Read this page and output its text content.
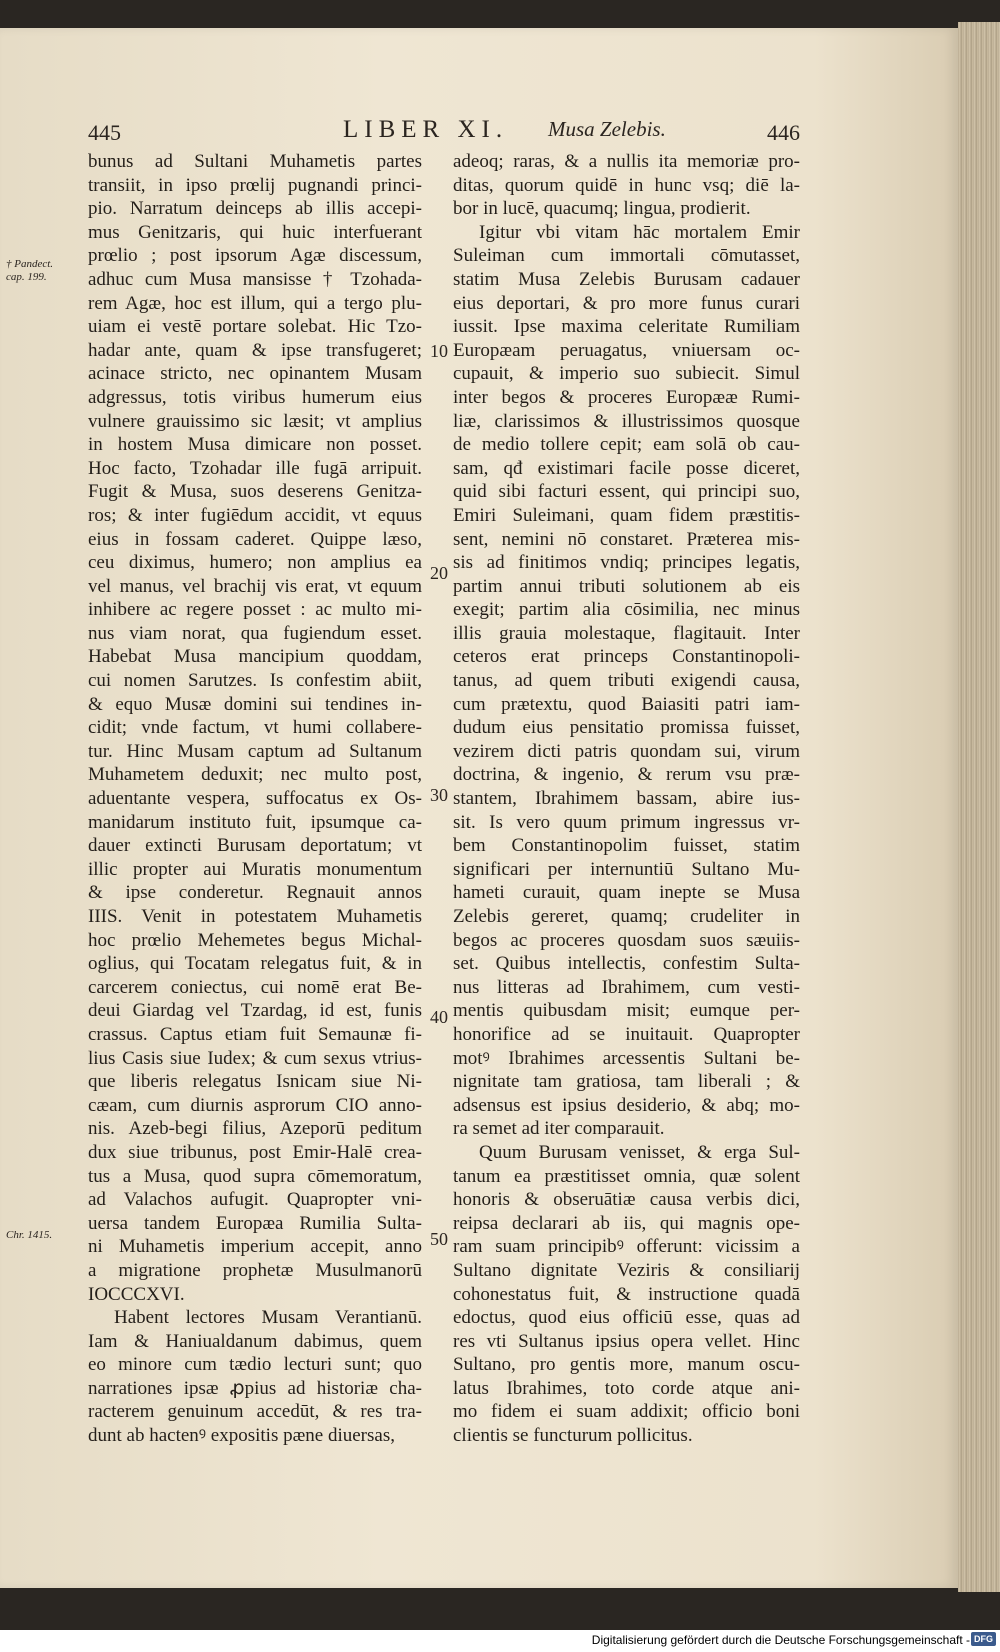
445	LIBER XI. Musa Zelebis.	446
† Pandect. cap. 199.
Chr. 1415.
10
20
30
40
50
bunus ad Sultani Muhametis partes
transiit, in ipso prœlij pugnandi princi-
pio. Narratum deinceps ab illis accepi-
mus Genitzaris, qui huic interfuerant
prœlio ; post ipsorum Agæ discessum,
adhuc cum Musa mansisse † Tzohada-
rem Agæ, hoc est illum, qui a tergo plu-
uiam ei vestē portare solebat. Hic Tzo-
hadar ante, quam & ipse transfugeret;
acinace stricto, nec opinantem Musam
adgressus, totis viribus humerum eius
vulnere grauissimo sic læsit; vt amplius
in hostem Musa dimicare non posset.
Hoc facto, Tzohadar ille fugā arripuit.
Fugit & Musa, suos deserens Genitza-
ros; & inter fugiēdum accidit, vt equus
eius in fossam caderet. Quippe læso,
ceu diximus, humero; non amplius ea
vel manus, vel brachij vis erat, vt equum
inhibere ac regere posset : ac multo mi-
nus viam norat, qua fugiendum esset.
Habebat Musa mancipium quoddam,
cui nomen Sarutzes. Is confestim abiit,
& equo Musæ domini sui tendines in-
cidit; vnde factum, vt humi collabere-
tur. Hinc Musam captum ad Sultanum
Muhametem deduxit; nec multo post,
aduentante vespera, suffocatus ex Os-
manidarum instituto fuit, ipsumque ca-
dauer extincti Burusam deportatum; vt
illic propter aui Muratis monumentum
& ipse conderetur. Regnauit annos
IIIS. Venit in potestatem Muhametis
hoc prœlio Mehemetes begus Michal-
oglius, qui Tocatam relegatus fuit, & in
carcerem coniectus, cui nomē erat Be-
deui Giardag vel Tzardag, id est, funis
crassus. Captus etiam fuit Semaunæ fi-
lius Casis siue Iudex; & cum sexus vtrius-
que liberis relegatus Isnicam siue Ni-
cæam, cum diurnis asprorum CIO anno-
nis. Azeb-begi filius, Azeporū peditum
dux siue tribunus, post Emir-Halē crea-
tus a Musa, quod supra cōmemoratum,
ad Valachos aufugit. Quapropter vni-
uersa tandem Europæa Rumilia Sulta-
ni Muhametis imperium accepit, anno
a migratione prophetæ Musulmanorū
IOCCCXVI.
Habent lectores Musam Verantianū.
Iam & Haniualdanum dabimus, quem
eo minore cum tædio lecturi sunt; quo
narrationes ipsæ ꝓpius ad historiæ cha-
racterem genuinum accedūt, & res tra-
dunt ab hactenꝰ expositis pæne diuersas,
adeoq; raras, & a nullis ita memoriæ pro-
ditas, quorum quidē in hunc vsq; diē la-
bor in lucē, quacumq; lingua, prodierit.
Igitur vbi vitam hāc mortalem Emir
Suleiman cum immortali cōmutasset,
statim Musa Zelebis Burusam cadauer
eius deportari, & pro more funus curari
iussit. Ipse maxima celeritate Rumiliam
Europæam peruagatus, vniuersam oc-
cupauit, & imperio suo subiecit. Simul
inter begos & proceres Europææ Rumi-
liæ, clarissimos & illustrissimos quosque
de medio tollere cepit; eam solā ob cau-
sam, qđ existimari facile posse diceret,
quid sibi facturi essent, qui principi suo,
Emiri Suleimani, quam fidem præstitis-
sent, nemini nō constaret. Præterea mis-
sis ad finitimos vndiq; principes legatis,
partim annui tributi solutionem ab eis
exegit; partim alia cōsimilia, nec minus
illis grauia molestaque, flagitauit. Inter
ceteros erat princeps Constantinopoli-
tanus, ad quem tributi exigendi causa,
cum prætextu, quod Baiasiti patri iam-
dudum eius pensitatio promissa fuisset,
vezirem dicti patris quondam sui, virum
doctrina, & ingenio, & rerum vsu præ-
stantem, Ibrahimem bassam, abire ius-
sit. Is vero quum primum ingressus vr-
bem Constantinopolim fuisset, statim
significari per internuntiū Sultano Mu-
hameti curauit, quam inepte se Musa
Zelebis gereret, quamq; crudeliter in
begos ac proceres quosdam suos sæuiis-
set. Quibus intellectis, confestim Sulta-
nus litteras ad Ibrahimem, cum vesti-
mentis quibusdam misit; eumque per-
honorifice ad se inuitauit. Quapropter
motꝰ Ibrahimes arcessentis Sultani be-
nignitate tam gratiosa, tam liberali ; &
adsensus est ipsius desiderio, & abq; mo-
ra semet ad iter comparauit.
Quum Burusam venisset, & erga Sul-
tanum ea præstitisset omnia, quæ solent
honoris & obseruātiæ causa verbis dici,
reipsa declarari ab iis, qui magnis ope-
ram suam principibꝰ offerunt: vicissim a
Sultano dignitate Veziris & consiliarij
cohonestatus fuit, & instructione quadā
edoctus, quod eius officiū esse, quas ad
res vti Sultanus ipsius opera vellet. Hinc
Sultano, pro gentis more, manum oscu-
latus Ibrahimes, toto corde atque ani-
mo fidem ei suam addixit; officio boni
clientis se functurum pollicitus.
Digitalisierung gefördert durch die Deutsche Forschungsgemeinschaft - DFG
